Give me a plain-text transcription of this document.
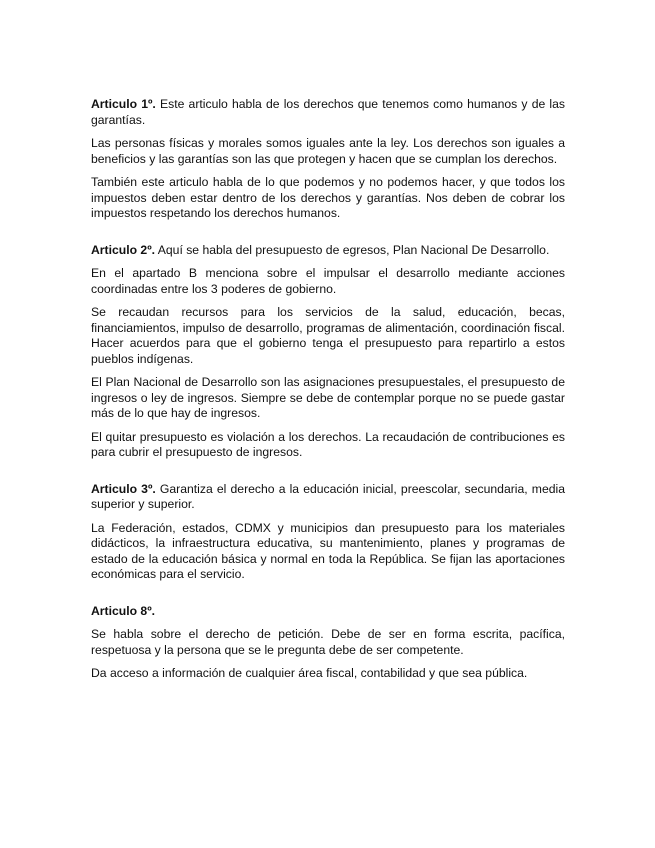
Articulo 1º. Este articulo habla de los derechos que tenemos como humanos y de las garantías.

Las personas físicas y morales somos iguales ante la ley. Los derechos son iguales a beneficios y las garantías son las que protegen y hacen que se cumplan los derechos.

También este articulo habla de lo que podemos y no podemos hacer, y que todos los impuestos deben estar dentro de los derechos y garantías. Nos deben de cobrar los impuestos respetando los derechos humanos.

Articulo 2º. Aquí se habla del presupuesto de egresos, Plan Nacional De Desarrollo.

En el apartado B menciona sobre el impulsar el desarrollo mediante acciones coordinadas entre los 3 poderes de gobierno.

Se recaudan recursos para los servicios de la salud, educación, becas, financiamientos, impulso de desarrollo, programas de alimentación, coordinación fiscal. Hacer acuerdos para que el gobierno tenga el presupuesto para repartirlo a estos pueblos indígenas.

El Plan Nacional de Desarrollo son las asignaciones presupuestales, el presupuesto de ingresos o ley de ingresos. Siempre se debe de contemplar porque no se puede gastar más de lo que hay de ingresos.

El quitar presupuesto es violación a los derechos. La recaudación de contribuciones es para cubrir el presupuesto de ingresos.

Articulo 3º. Garantiza el derecho a la educación inicial, preescolar, secundaria, media superior y superior.

La Federación, estados, CDMX y municipios dan presupuesto para los materiales didácticos, la infraestructura educativa, su mantenimiento, planes y programas de estado de la educación básica y normal en toda la República. Se fijan las aportaciones económicas para el servicio.

Articulo 8º.

Se habla sobre el derecho de petición. Debe de ser en forma escrita, pacífica, respetuosa y la persona que se le pregunta debe de ser competente.

Da acceso a información de cualquier área fiscal, contabilidad y que sea pública.
